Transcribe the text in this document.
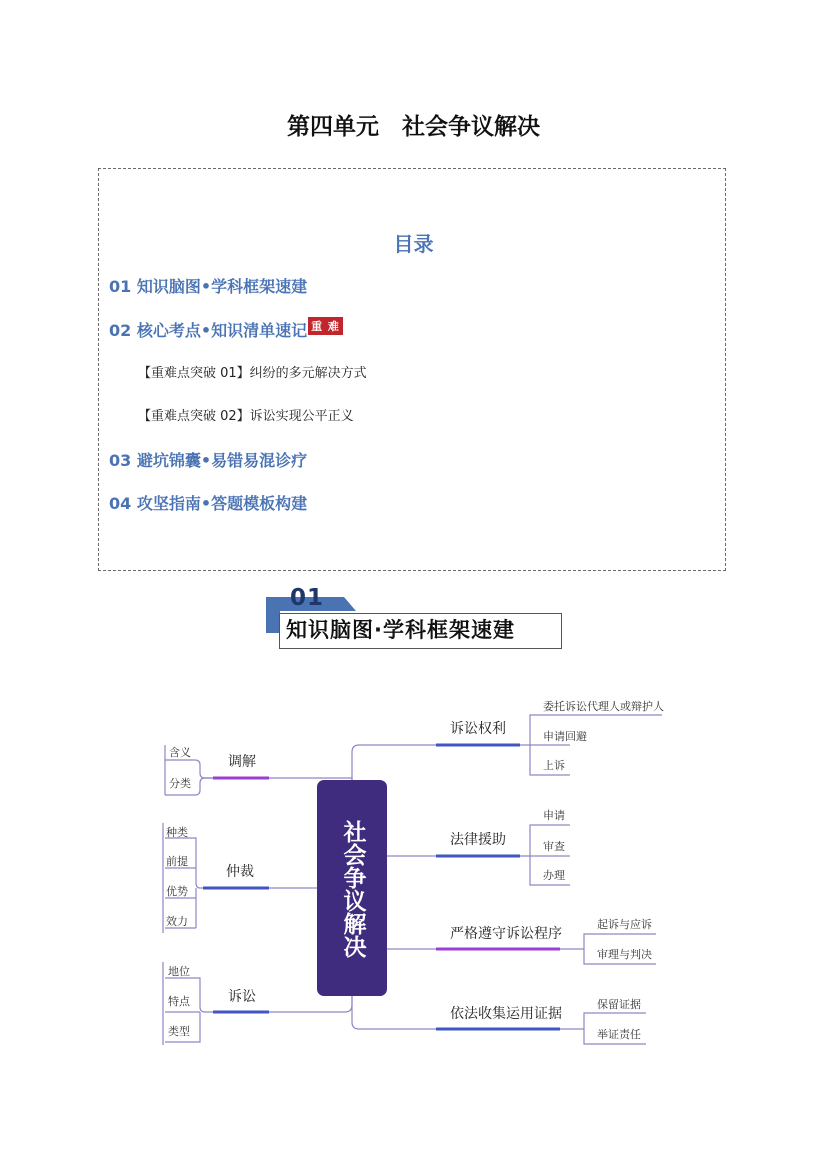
第四单元　社会争议解决
目录
01 知识脑图•学科框架速建
02 核心考点•知识清单速记 重 难
【重难点突破 01】纠纷的多元解决方式
【重难点突破 02】诉讼实现公平正义
03 避坑锦囊•易错易混诊疗
04 攻坚指南•答题模板构建
01
知识脑图·学科框架速建
社会争议解决
调解
含义
分类
仲裁
种类
前提
优势
效力
诉讼
地位
特点
类型
诉讼权利
委托诉讼代理人或辩护人
申请回避
上诉
法律援助
申请
审查
办理
严格遵守诉讼程序
起诉与应诉
审理与判决
依法收集运用证据
保留证据
举证责任
